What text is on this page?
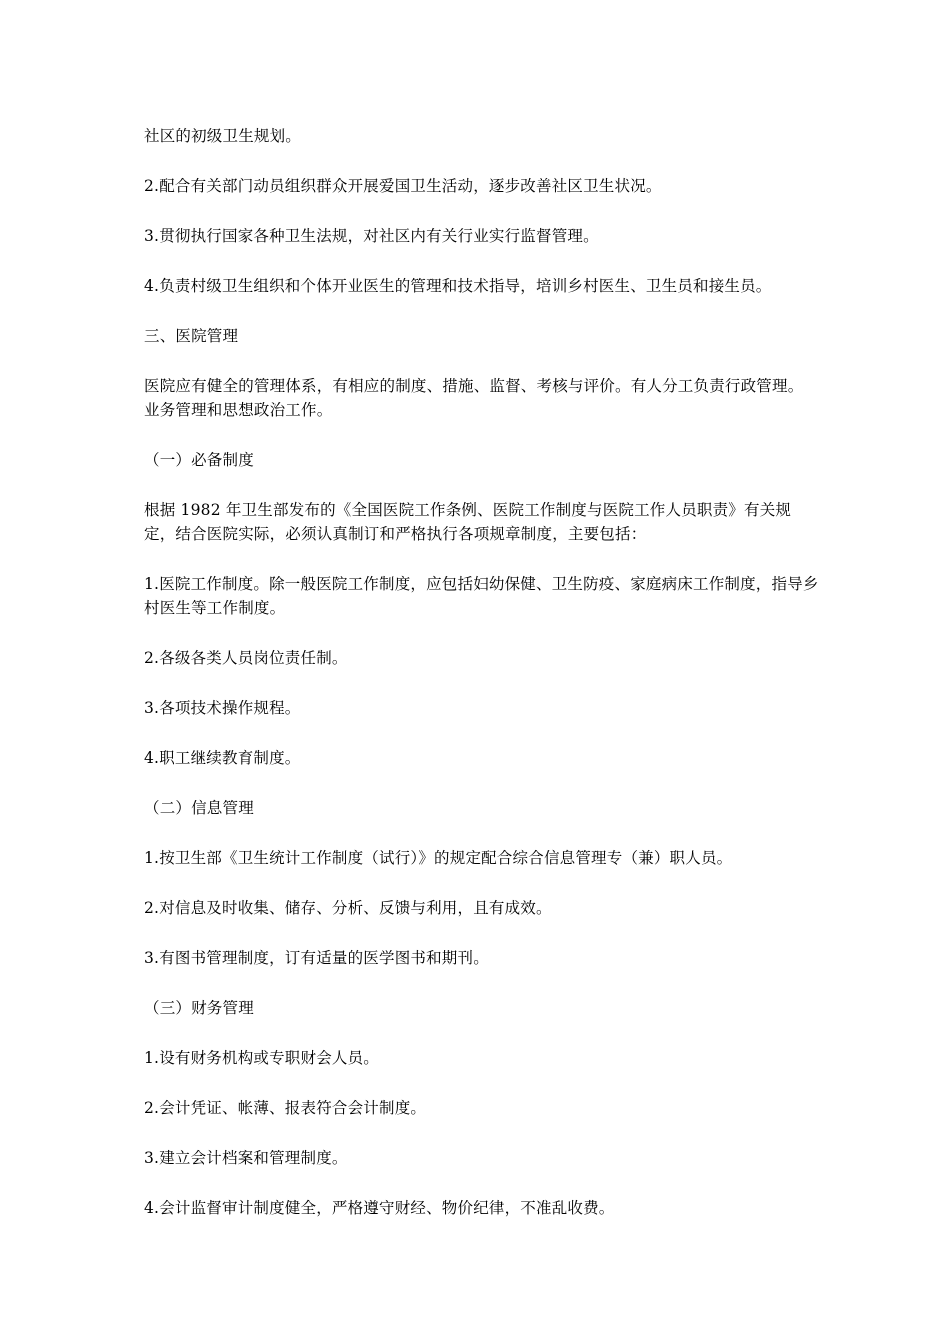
社区的初级卫生规划。

2.配合有关部门动员组织群众开展爱国卫生活动，逐步改善社区卫生状况。

3.贯彻执行国家各种卫生法规，对社区内有关行业实行监督管理。

4.负责村级卫生组织和个体开业医生的管理和技术指导，培训乡村医生、卫生员和接生员。

三、医院管理

医院应有健全的管理体系，有相应的制度、措施、监督、考核与评价。有人分工负责行政管理。业务管理和思想政治工作。

（一）必备制度

根据 1982 年卫生部发布的《全国医院工作条例、医院工作制度与医院工作人员职责》有关规定，结合医院实际，必须认真制订和严格执行各项规章制度，主要包括：

1.医院工作制度。除一般医院工作制度，应包括妇幼保健、卫生防疫、家庭病床工作制度，指导乡村医生等工作制度。

2.各级各类人员岗位责任制。

3.各项技术操作规程。

4.职工继续教育制度。

（二）信息管理

1.按卫生部《卫生统计工作制度（试行）》的规定配合综合信息管理专（兼）职人员。

2.对信息及时收集、储存、分析、反馈与利用，且有成效。

3.有图书管理制度，订有适量的医学图书和期刊。

（三）财务管理

1.设有财务机构或专职财会人员。

2.会计凭证、帐薄、报表符合会计制度。

3.建立会计档案和管理制度。

4.会计监督审计制度健全，严格遵守财经、物价纪律，不准乱收费。
